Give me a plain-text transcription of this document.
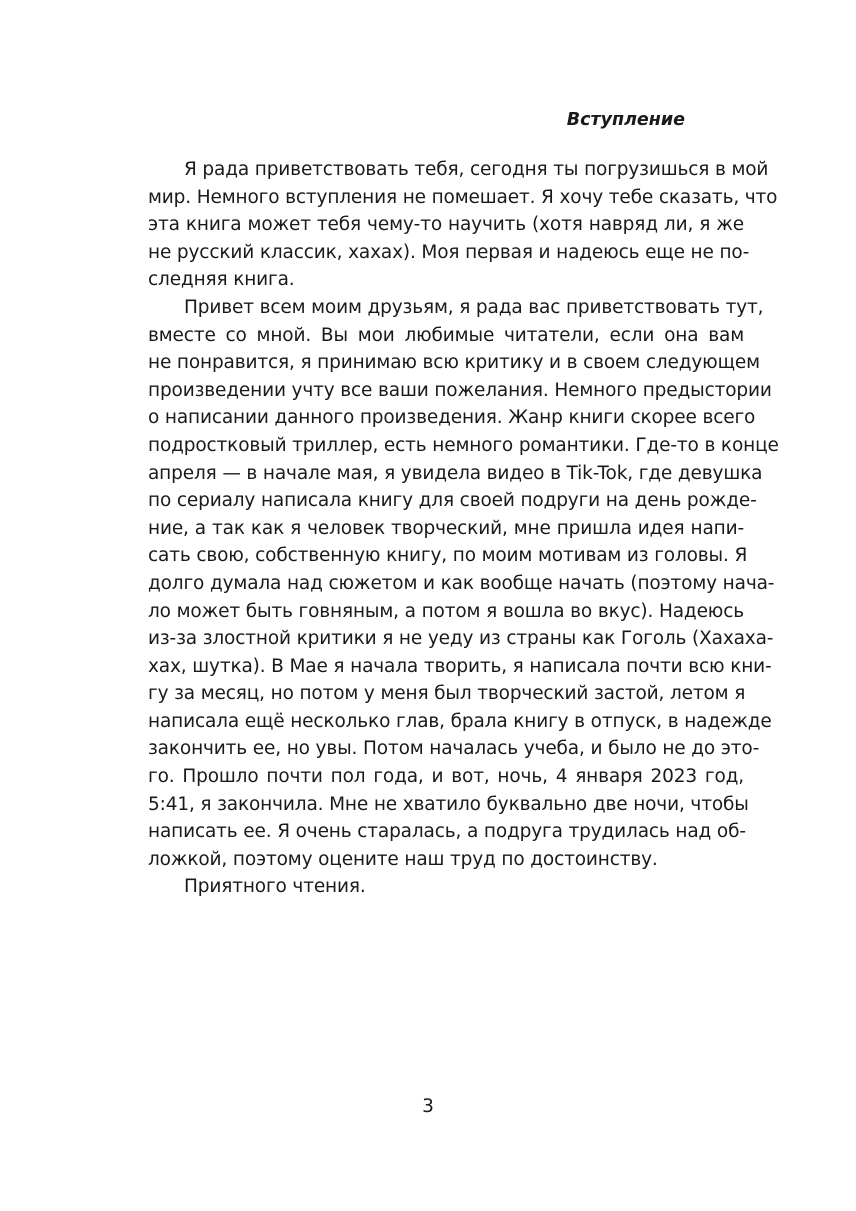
Вступление
Я рада приветствовать тебя, сегодня ты погрузишься в мой
мир. Немного вступления не помешает. Я хочу тебе сказать, что
эта книга может тебя чему-то научить (хотя навряд ли, я же
не русский классик, хахах). Моя первая и надеюсь еще не по-
следняя книга.
Привет всем моим друзьям, я рада вас приветствовать тут,
вместе со мной. Вы мои любимые читатели, если она вам
не понравится, я принимаю всю критику и в своем следующем
произведении учту все ваши пожелания. Немного предыстории
о написании данного произведения. Жанр книги скорее всего
подростковый триллер, есть немного романтики. Где-то в конце
апреля — в начале мая, я увидела видео в Tik-Tok, где девушка
по сериалу написала книгу для своей подруги на день рожде-
ние, а так как я человек творческий, мне пришла идея напи-
сать свою, собственную книгу, по моим мотивам из головы. Я
долго думала над сюжетом и как вообще начать (поэтому нача-
ло может быть говняным, а потом я вошла во вкус). Надеюсь
из-за злостной критики я не уеду из страны как Гоголь (Хахаха-
хах, шутка). В Мае я начала творить, я написала почти всю кни-
гу за месяц, но потом у меня был творческий застой, летом я
написала ещё несколько глав, брала книгу в отпуск, в надежде
закончить ее, но увы. Потом началась учеба, и было не до это-
го. Прошло почти пол года, и вот, ночь, 4 января 2023 год,
5:41, я закончила. Мне не хватило буквально две ночи, чтобы
написать ее. Я очень старалась, а подруга трудилась над об-
ложкой, поэтому оцените наш труд по достоинству.
Приятного чтения.
3
